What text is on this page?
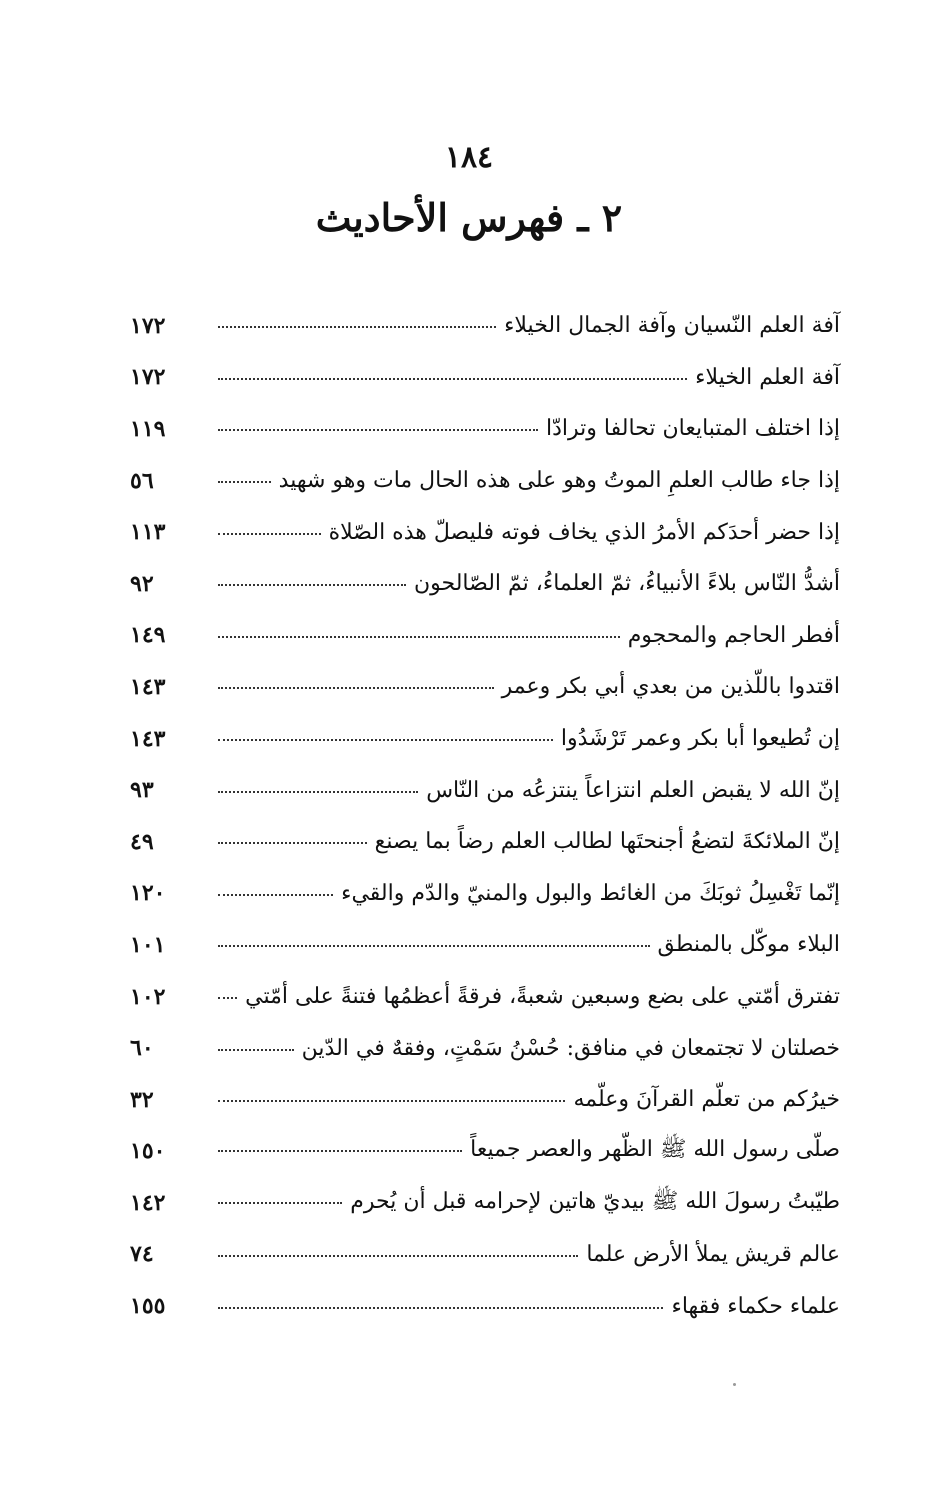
١٨٤
٢ ـ فهرس الأحاديث
١٧٢	آفة العلم النّسيان وآفة الجمال الخيلاء
١٧٢	آفة العلم الخيلاء
١١٩	إذا اختلف المتبايعان تحالفا وترادّا
٥٦	إذا جاء طالب العلمِ الموتُ وهو على هذه الحال مات وهو شهيد
١١٣	إذا حضر أحدَكم الأمرُ الذي يخاف فوته فليصلّ هذه الصّلاة
٩٢	أشدُّ النّاس بلاءً الأنبياءُ، ثمّ العلماءُ، ثمّ الصّالحون
١٤٩	أفطر الحاجم والمحجوم
١٤٣	اقتدوا باللّذين من بعدي أبي بكر وعمر
١٤٣	إن تُطيعوا أبا بكر وعمر تَرْشَدُوا
٩٣	إنّ الله لا يقبض العلم انتزاعاً ينتزعُه من النّاس
٤٩	إنّ الملائكةَ لتضعُ أجنحتَها لطالب العلم رضاً بما يصنع
١٢٠	إنّما تَغْسِلُ ثوبَكَ من الغائط والبول والمنيّ والدّم والقيء
١٠١	البلاء موكّل بالمنطق
١٠٢	تفترق أمّتي على بضع وسبعين شعبةً، فرقةً أعظمُها فتنةً على أمّتي
٦٠	خصلتان لا تجتمعان في منافق: حُسْنُ سَمْتٍ، وفقهٌ في الدّين
٣٢	خيرُكم من تعلّم القرآنَ وعلّمه
١٥٠	صلّى رسول الله ﷺ الظّهر والعصر جميعاً
١٤٢	طيّبتُ رسولَ الله ﷺ بيديّ هاتين لإحرامه قبل أن يُحرم
٧٤	عالم قريش يملأ الأرض علما
١٥٥	علماء حكماء فقهاء
